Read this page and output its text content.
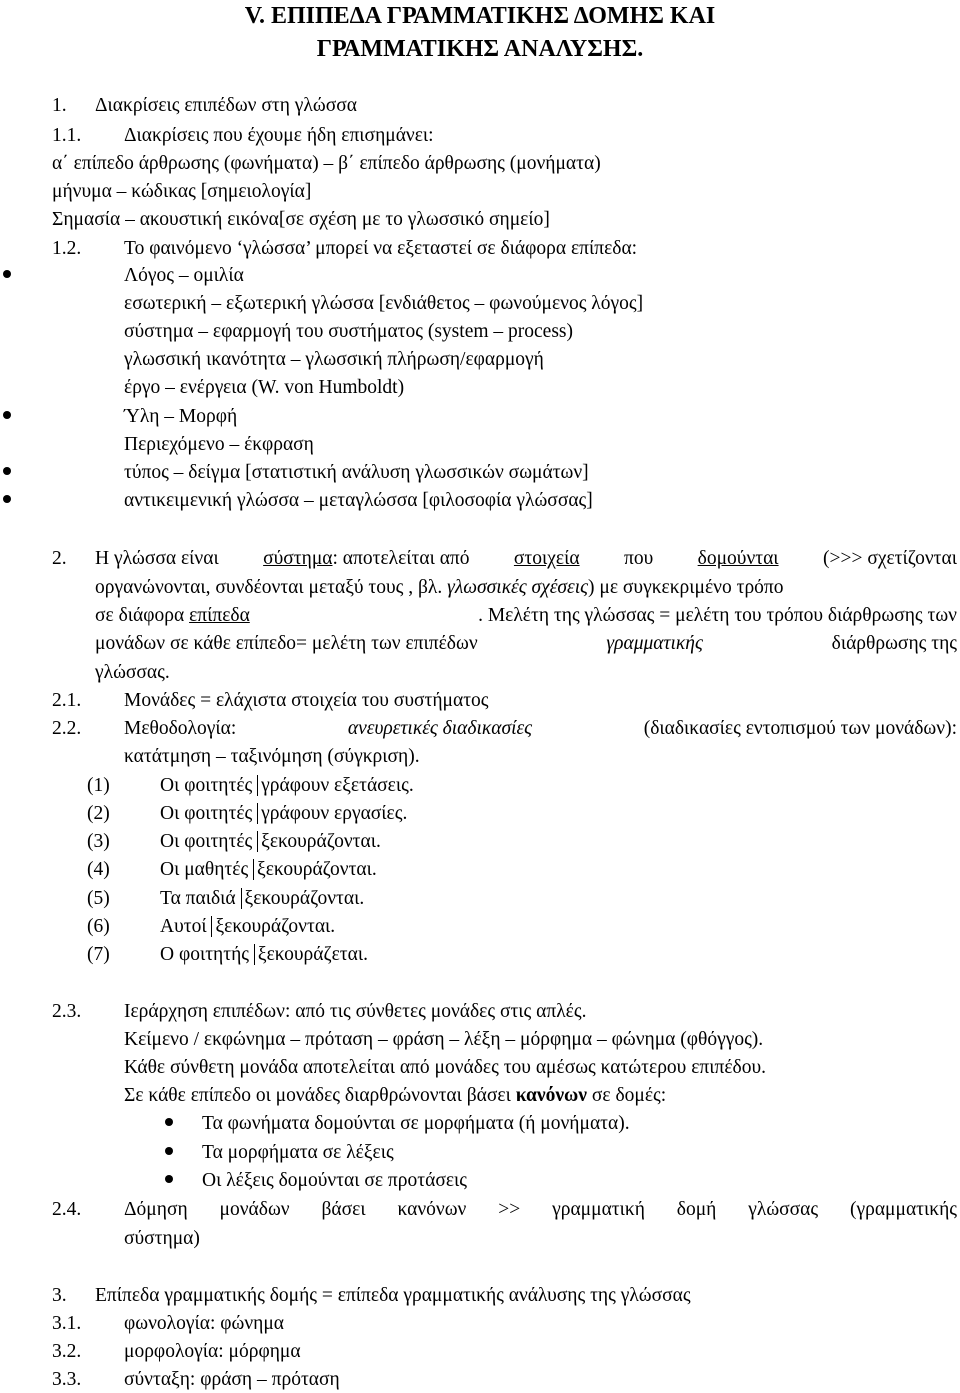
V. ΕΠΙΠΕΔΑ ΓΡΑΜΜΑΤΙΚΗΣ ΔΟΜΗΣ ΚΑΙ
ΓΡΑΜΜΑΤΙΚΗΣ ΑΝΑΛΥΣΗΣ.
1. Διακρίσεις επιπέδων στη γλώσσα
1.1. Διακρίσεις που έχουμε ήδη επισημάνει:
α΄ επίπεδο άρθρωσης (φωνήματα) – β΄ επίπεδο άρθρωσης (μονήματα)
μήνυμα – κώδικας [σημειολογία]
Σημασία – ακουστική εικόνα[σε σχέση με το γλωσσικό σημείο]
1.2. Το φαινόμενο ‘γλώσσα’ μπορεί να εξεταστεί σε διάφορα επίπεδα:
Λόγος – ομιλία
εσωτερική – εξωτερική γλώσσα [ενδιάθετος – φωνούμενος λόγος]
σύστημα – εφαρμογή του συστήματος (system – process)
γλωσσική ικανότητα – γλωσσική πλήρωση/εφαρμογή
έργο – ενέργεια (W. von Humboldt)
Ύλη – Μορφή
Περιεχόμενο – έκφραση
τύπος – δείγμα [στατιστική ανάλυση γλωσσικών σωμάτων]
αντικειμενική γλώσσα – μεταγλώσσα [φιλοσοφία γλώσσας]
2. Η γλώσσα είναι σύστημα: αποτελείται από στοιχεία που δομούνται (>>> σχετίζονται
οργανώνονται, συνδέονται μεταξύ τους , βλ. γλωσσικές σχέσεις) με συγκεκριμένο τρόπο
σε διάφορα επίπεδα	. Μελέτη της γλώσσας = μελέτη του τρόπου διάρθρωσης των
μονάδων σε κάθε επίπεδο= μελέτη των επιπέδων	γραμματικής	διάρθρωσης της
γλώσσας.
2.1. Μονάδες = ελάχιστα στοιχεία του συστήματος
2.2. Μεθοδολογία:	ανευρετικές διαδικασίες	(διαδικασίες εντοπισμού των μονάδων):
κατάτμηση – ταξινόμηση (σύγκριση).
(1)	Οι φοιτητές γράφουν εξετάσεις.
(2)	Οι φοιτητές γράφουν εργασίες.
(3)	Οι φοιτητές ξεκουράζονται.
(4)	Οι μαθητές ξεκουράζονται.
(5)	Τα παιδιά ξεκουράζονται.
(6)	Αυτοί ξεκουράζονται.
(7)	Ο φοιτητής ξεκουράζεται.
2.3. Ιεράρχηση επιπέδων: από τις σύνθετες μονάδες στις απλές.
Κείμενο / εκφώνημα – πρόταση – φράση – λέξη – μόρφημα – φώνημα (φθόγγος).
Κάθε σύνθετη μονάδα αποτελείται από μονάδες του αμέσως κατώτερου επιπέδου.
Σε κάθε επίπεδο οι μονάδες διαρθρώνονται βάσει κανόνων σε δομές:
Τα φωνήματα δομούνται σε μορφήματα (ή μονήματα).
Τα μορφήματα σε λέξεις
Οι λέξεις δομούνται σε προτάσεις
2.4. Δόμηση μονάδων βάσει κανόνων >> γραμματική δομή γλώσσας (γραμματικής
σύστημα)
3. Επίπεδα γραμματικής δομής = επίπεδα γραμματικής ανάλυσης της γλώσσας
3.1. φωνολογία: φώνημα
3.2. μορφολογία: μόρφημα
3.3. σύνταξη: φράση – πρόταση
